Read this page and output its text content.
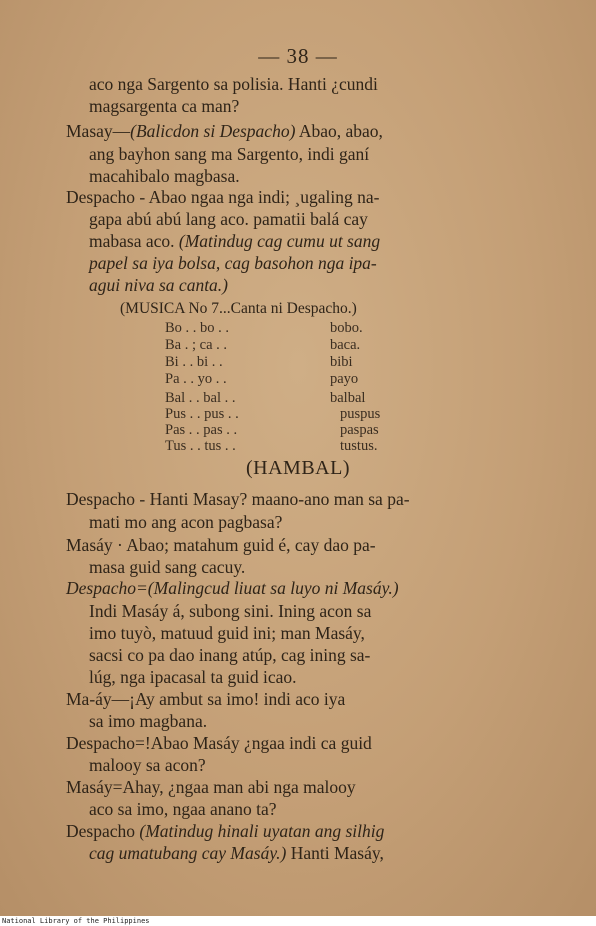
— 38 —
aco nga Sargento sa polisia. Hanti ¿cundi
magsargenta ca man?
Masay—(Balicdon si Despacho) Abao, abao,
ang bayhon sang ma Sargento, indi ganí
macahibalo magbasa.
Despacho - Abao ngaa nga indi; ¸ugaling na-
gapa abú abú lang aco. pamatii balá cay
mabasa aco. (Matindug cag cumu ut sang
papel sa iya bolsa, cag basohon nga ipa-
agui niva sa canta.)
(MUSICA No 7...Canta ni Despacho.)
Bo . . bo . .	bobo.
Ba . ; ca . .	baca.
Bi . . bi . .	bibi
Pa . . yo . .	payo
Bal . . bal . .	balbal
Pus . . pus . .	puspus
Pas . . pas . .	paspas
Tus . . tus . .	tustus.
(HAMBAL)
Despacho - Hanti Masay? maano-ano man sa pa-
mati mo ang acon pagbasa?
Masáy · Abao; matahum guid é, cay dao pa-
masa guid sang cacuy.
Despacho=(Malingcud liuat sa luyo ni Masáy.)
Indi Masáy á, subong sini. Ining acon sa
imo tuyò, matuud guid ini; man Masáy,
sacsi co pa dao inang atúp, cag ining sa-
lúg, nga ipacasal ta guid icao.
Ma-áy—¡Ay ambut sa imo! indi aco iya
sa imo magbana.
Despacho=!Abao Masáy ¿ngaa indi ca guid
malooy sa acon?
Masáy=Ahay, ¿ngaa man abi nga malooy
aco sa imo, ngaa anano ta?
Despacho (Matindug hinali uyatan ang silhig
cag umatubang cay Masáy.) Hanti Masáy,
National Library of the Philippines
